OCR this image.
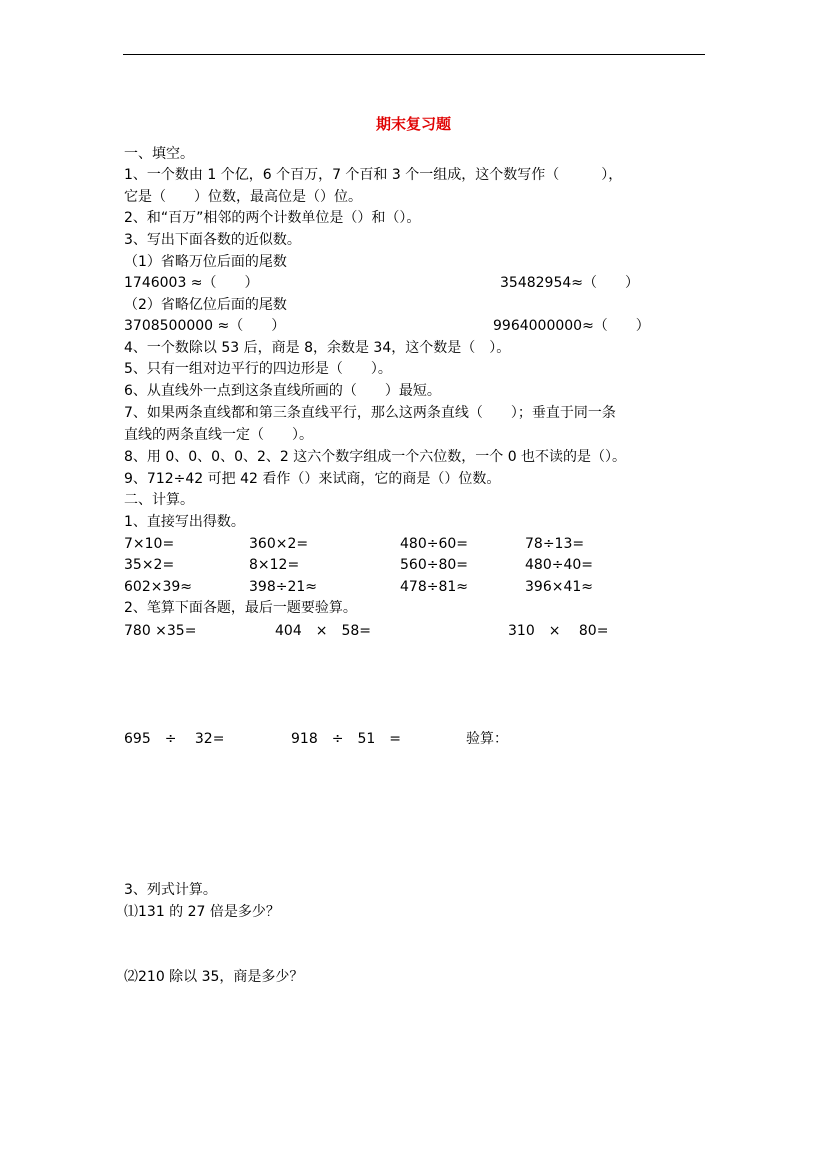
期末复习题
一、填空。
1、一个数由 1 个亿，6 个百万，7 个百和 3 个一组成，这个数写作（　　　），
它是（　　）位数，最高位是（）位。
2、和“百万”相邻的两个计数单位是（）和（）。
3、写出下面各数的近似数。
（1）省略万位后面的尾数
1746003 ≈（　　）	35482954≈（　　）
（2）省略亿位后面的尾数
3708500000 ≈（　　）	9964000000≈（　　）
4、一个数除以 53 后，商是 8，余数是 34，这个数是（　）。
5、只有一组对边平行的四边形是（　　）。
6、从直线外一点到这条直线所画的（　　）最短。
7、如果两条直线都和第三条直线平行，那么这两条直线（　　）；垂直于同一条
直线的两条直线一定（　　）。
8、用 0、0、0、0、2、2 这六个数字组成一个六位数，一个 0 也不读的是（）。
9、712÷42 可把 42 看作（）来试商，它的商是（）位数。
二、计算。
1、直接写出得数。
7×10=	360×2=	480÷60=	78÷13=
35×2=	8×12=	560÷80=	480÷40=
602×39≈	398÷21≈	478÷81≈	396×41≈
2、笔算下面各题，最后一题要验算。
780 ×35=	404　×　58=	310　×　 80=
695　÷　 32=	918　÷　51　=	验算：
3、列式计算。
⑴131 的 27 倍是多少？
⑵210 除以 35，商是多少？
